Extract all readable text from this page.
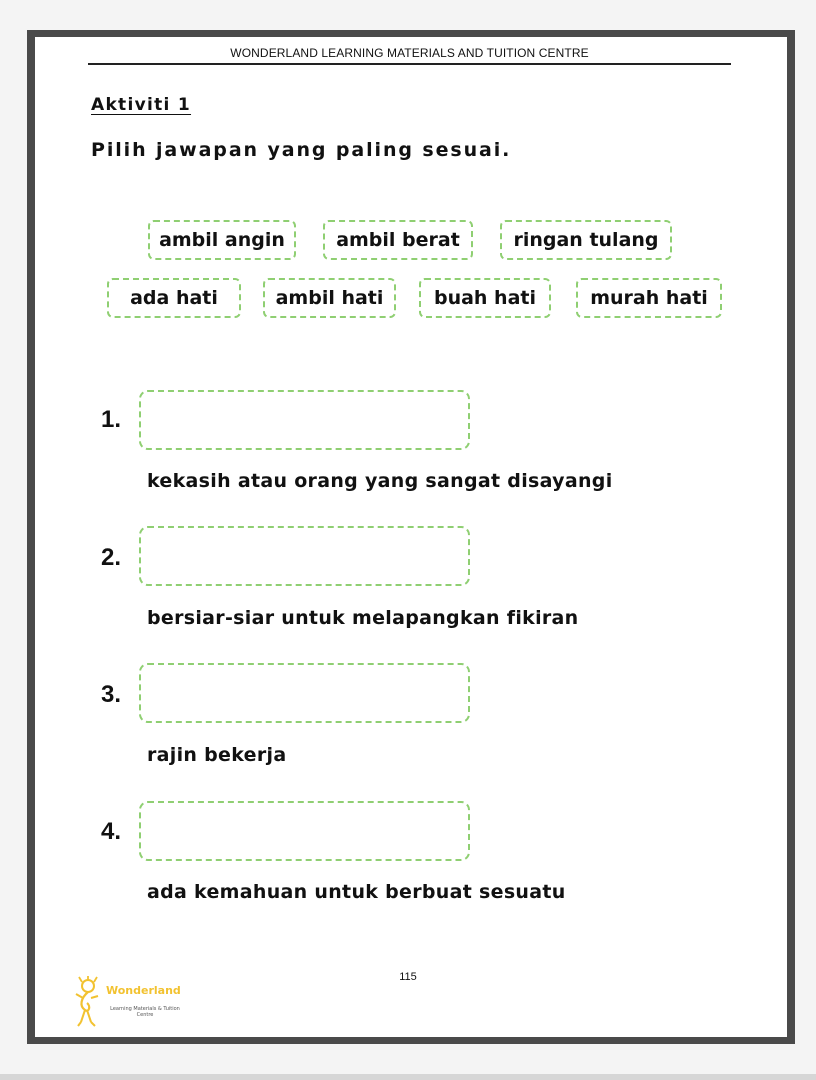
WONDERLAND LEARNING MATERIALS AND TUITION CENTRE
Aktiviti 1
Pilih jawapan yang paling sesuai.
ambil angin	ambil berat	ringan tulang
ada hati	ambil hati	buah hati	murah hati
1.
kekasih atau orang yang sangat disayangi
2.
bersiar-siar untuk melapangkan fikiran
3.
rajin bekerja
4.
ada kemahuan untuk berbuat sesuatu
115
Wonderland
Learning Materials & Tuition Centre
